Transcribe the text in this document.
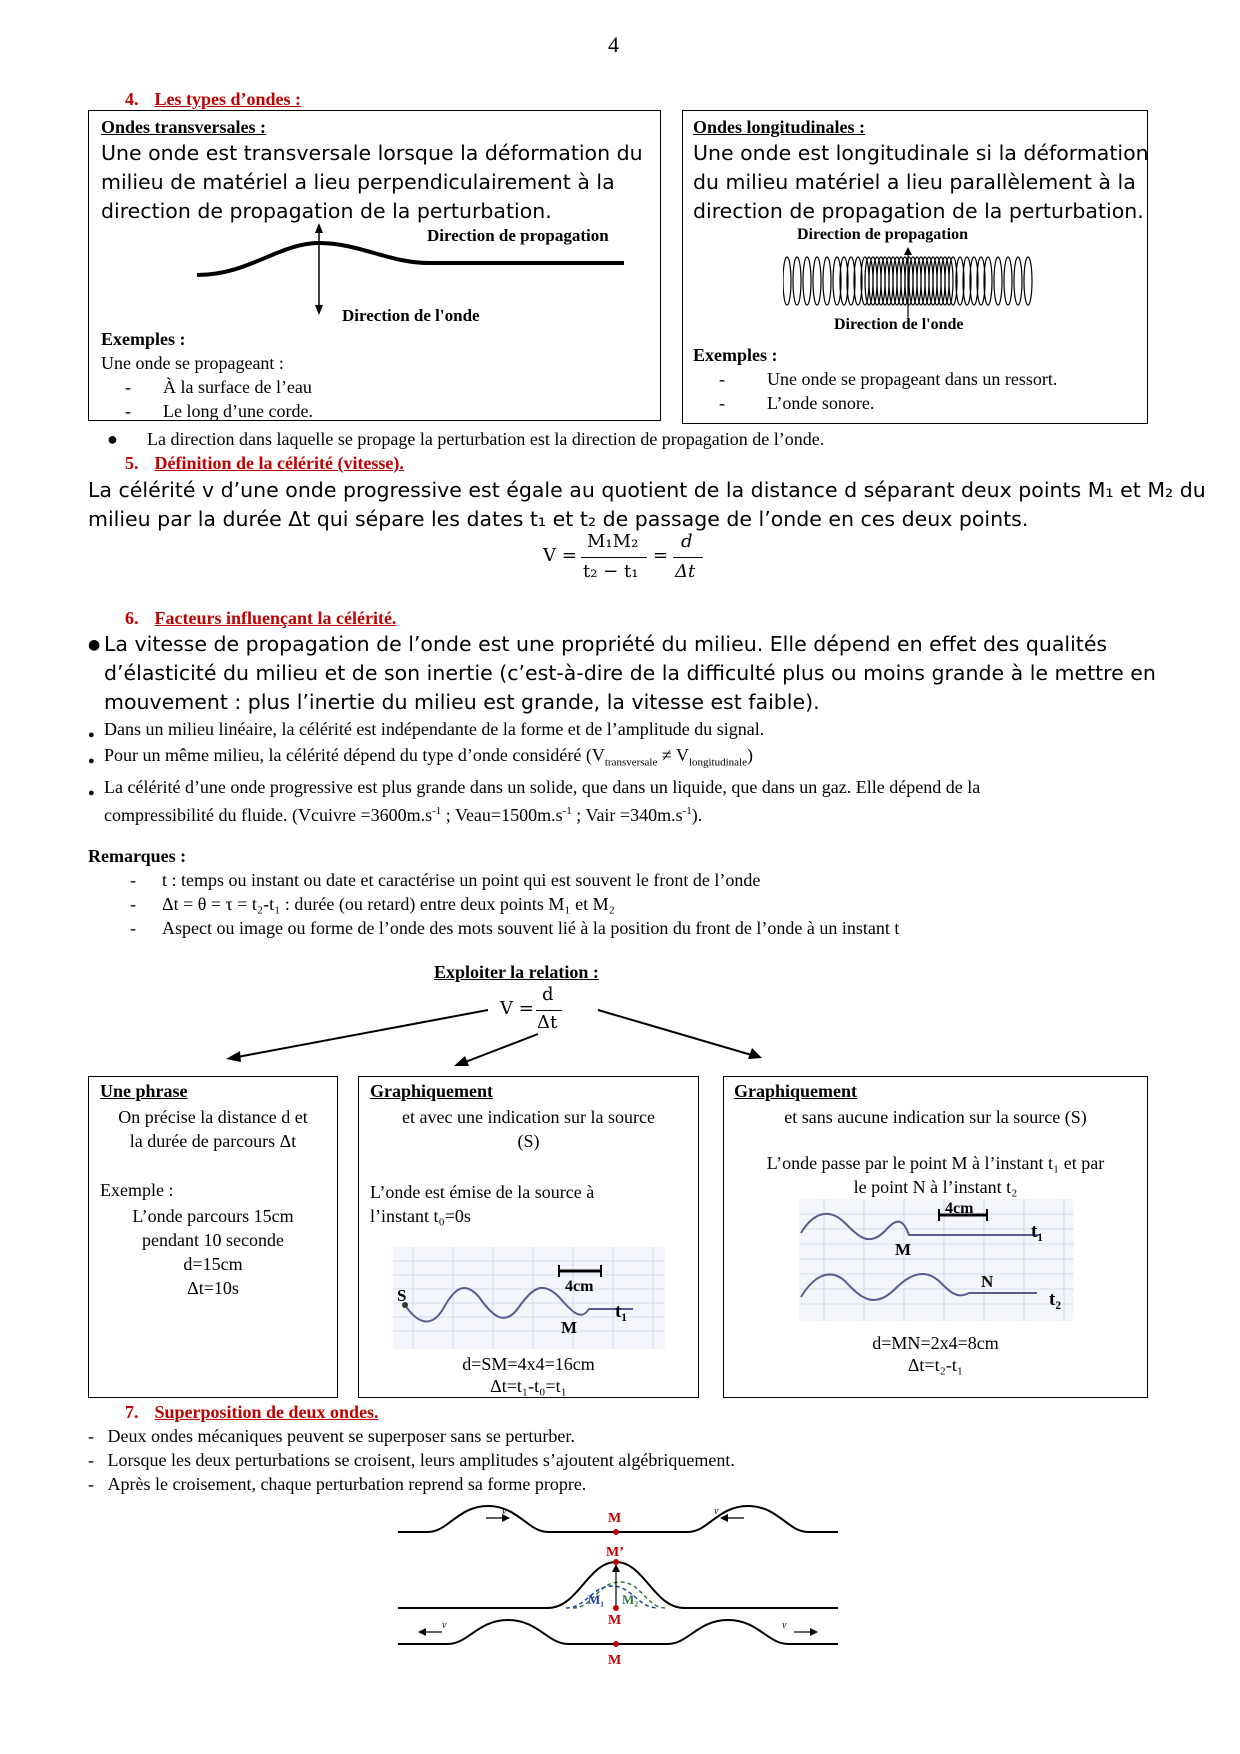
4
4. Les types d’ondes :
Ondes transversales :
Une onde est transversale lorsque la déformation du
milieu de matériel a lieu perpendiculairement à la
direction de propagation de la perturbation.
Direction de propagation
Direction de l'onde
Exemples :
Une onde se propageant :
- À la surface de l’eau
- Le long d’une corde.
Ondes longitudinales :
Une onde est longitudinale si la déformation
du milieu matériel a lieu parallèlement à la
direction de propagation de la perturbation.
Direction de propagation
Direction de l'onde
Exemples :
- Une onde se propageant dans un ressort.
- L’onde sonore.
● La direction dans laquelle se propage la perturbation est la direction de propagation de l’onde.
5. Définition de la célérité (vitesse).
La célérité v d’une onde progressive est égale au quotient de la distance d séparant deux points M₁ et M₂ du
milieu par la durée Δt qui sépare les dates t₁ et t₂ de passage de l’onde en ces deux points.
V =
M₁M₂
t₂ − t₁
=
d
Δt
6. Facteurs influençant la célérité.
● La vitesse de propagation de l’onde est une propriété du milieu. Elle dépend en effet des qualités
d’élasticité du milieu et de son inertie (c’est-à-dire de la difficulté plus ou moins grande à le mettre en
mouvement : plus l’inertie du milieu est grande, la vitesse est faible).
● Dans un milieu linéaire, la célérité est indépendante de la forme et de l’amplitude du signal.
● Pour un même milieu, la célérité dépend du type d’onde considéré $(V_{transversale} \ne V_{longitudinale})$
● La célérité d’une onde progressive est plus grande dans un solide, que dans un liquide, que dans un gaz. Elle dépend de la
compressibilité du fluide. (Vcuivre $=3600m.s^{-1}$ ; $Veau=1500m.s^{-1}$ ; Vair $=340m.s^{-1}$).
Remarques :
- t : temps ou instant ou date et caractérise un point qui est souvent le front de l’onde
- Δt = θ = τ = t₂-t₁ : durée (ou retard) entre deux points M₁ et M₂
- Aspect ou image ou forme de l’onde des mots souvent lié à la position du front de l’onde à un instant t
Exploiter la relation :
V =
d
Δt
Une phrase
On précise la distance d et
la durée de parcours Δt
Exemple :
L’onde parcours 15cm
pendant 10 seconde
d=15cm
Δt=10s
Graphiquement
et avec une indication sur la source
(S)
L’onde est émise de la source à
l’instant t₀=0s
S	4cm
M
t₁
d=SM=4x4=16cm
Δt=t₁-t₀=t₁
Graphiquement
et sans aucune indication sur la source (S)
L’onde passe par le point M à l’instant t₁ et par
le point N à l’instant t₂
4cm
M
t₁
N
t₂
d=MN=2x4=8cm
Δt=t₂-t₁
7. Superposition de deux ondes.
-   Deux ondes mécaniques peuvent se superposer sans se perturber.
-   Lorsque les deux perturbations se croisent, leurs amplitudes s’ajoutent algébriquement.
-   Après le croisement, chaque perturbation reprend sa forme propre.
v	v
M
M’
M₁ M₂
M
v	v
M
